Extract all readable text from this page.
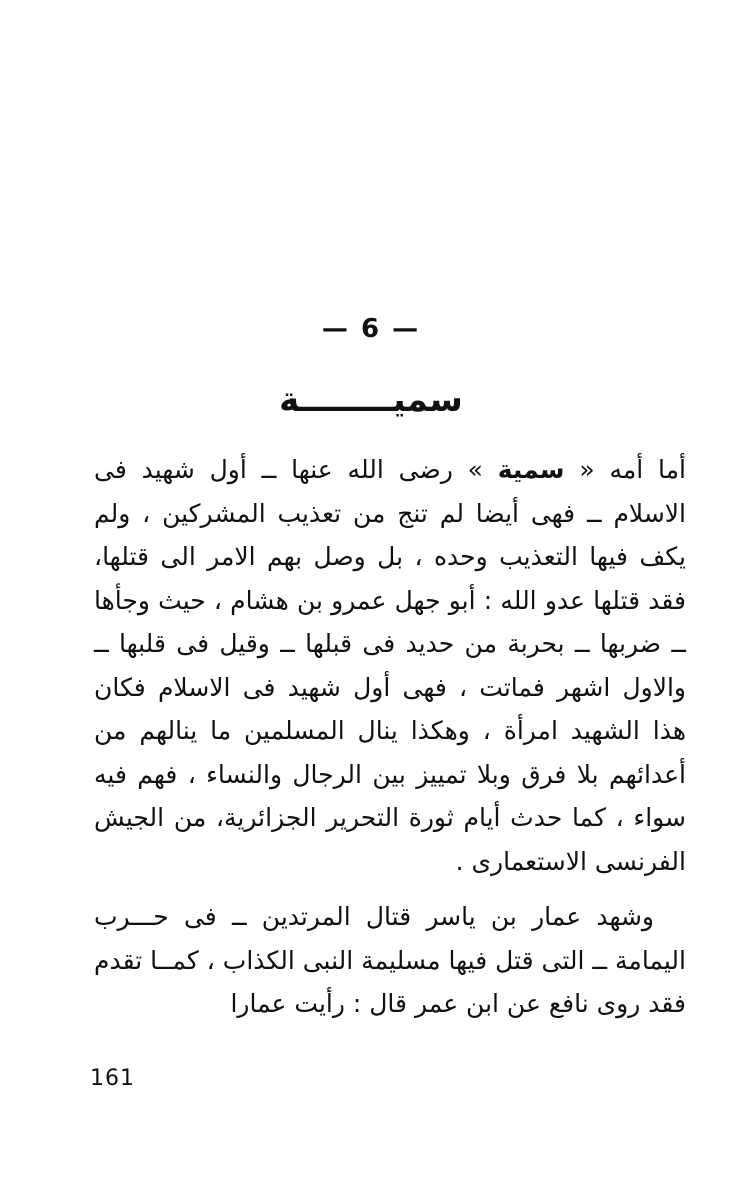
— 6 —
سميــــــــة

أما أمه « سمية » رضى الله عنها ــ أول شهيد فى الاسلام ــ فهى أيضا لم تنج من تعذيب المشركين ، ولم يكف فيها التعذيب وحده ، بل وصل بهم الامر الى قتلها، فقد قتلها عدو الله : أبو جهل عمرو بن هشام ، حيث وجأها ــ ضربها ــ بحربة من حديد فى قبلها ــ وقيل فى قلبها ــ والاول اشهر فماتت ، فهى أول شهيد فى الاسلام فكان هذا الشهيد امرأة ، وهكذا ينال المسلمين ما ينالهم من أعدائهم بلا فرق وبلا تمييز بين الرجال والنساء ، فهم فيه سواء ، كما حدث أيام ثورة التحرير الجزائرية، من الجيش الفرنسى الاستعمارى .

وشهد عمار بن ياسر قتال المرتدين ــ فى حـــرب اليمامة ــ التى قتل فيها مسليمة النبى الكذاب ، كمــا تقدم فقد روى نافع عن ابن عمر قال : رأيت عمارا

161
